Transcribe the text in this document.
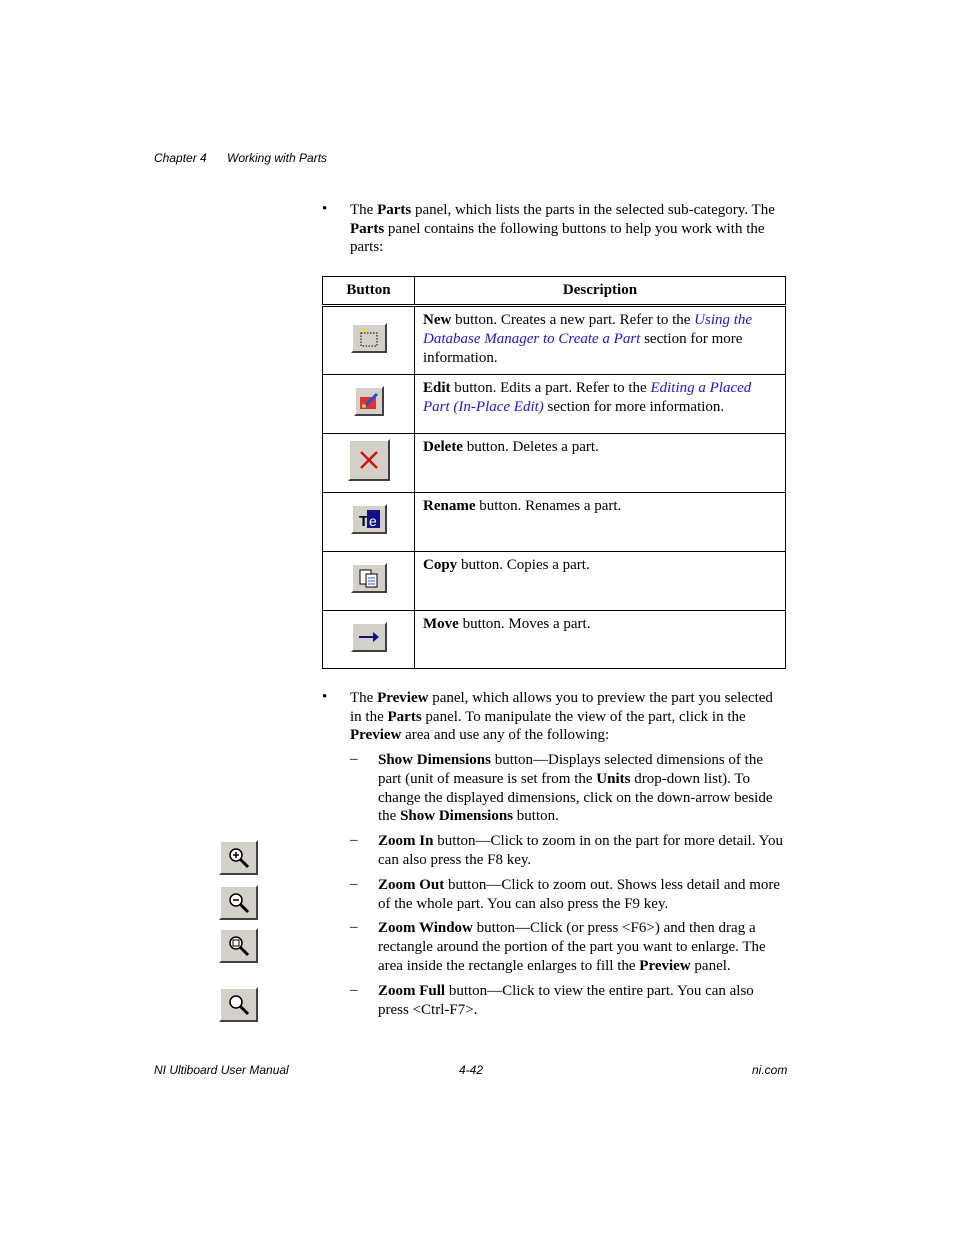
Chapter 4 Working with Parts
• The Parts panel, which lists the parts in the selected sub-category. The Parts panel contains the following buttons to help you work with the parts:
Button	Description

	New button. Creates a new part. Refer to the Using the Database Manager to Create a Part section for more information.

	Edit button. Edits a part. Refer to the Editing a Placed Part (In-Place Edit) section for more information.

	Delete button. Deletes a part.

T e	Rename button. Renames a part.

	Copy button. Copies a part.

	Move button. Moves a part.
• The Preview panel, which allows you to preview the part you selected in the Parts panel. To manipulate the view of the part, click in the Preview area and use any of the following:
– Show Dimensions button—Displays selected dimensions of the part (unit of measure is set from the Units drop-down list). To change the displayed dimensions, click on the down-arrow beside the Show Dimensions button.
– Zoom In button—Click to zoom in on the part for more detail. You can also press the F8 key.
– Zoom Out button—Click to zoom out. Shows less detail and more of the whole part. You can also press the F9 key.
– Zoom Window button—Click (or press <F6>) and then drag a rectangle around the portion of the part you want to enlarge. The area inside the rectangle enlarges to fill the Preview panel.
– Zoom Full button—Click to view the entire part. You can also press <Ctrl-F7>.
NI Ultiboard User Manual	4-42	ni.com
